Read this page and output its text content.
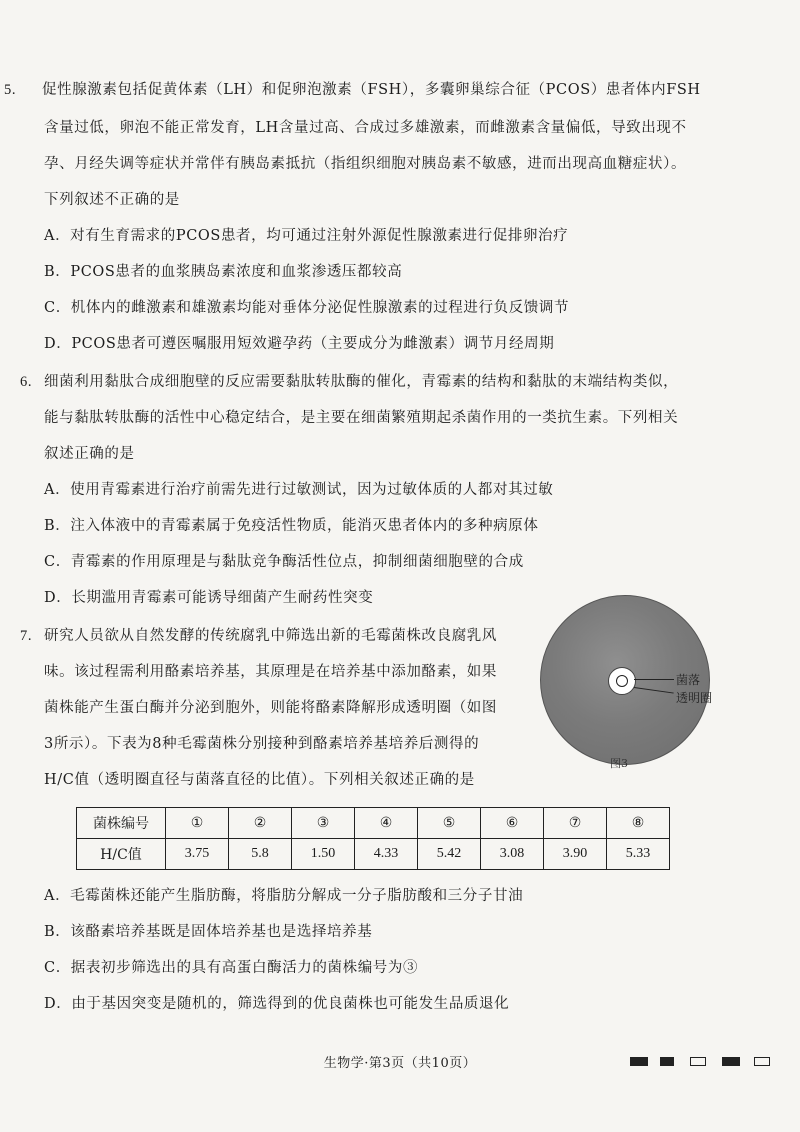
5. 促性腺激素包括促黄体素（LH）和促卵泡激素（FSH），多囊卵巢综合征（PCOS）患者体内FSH
含量过低，卵泡不能正常发育，LH含量过高、合成过多雄激素，而雌激素含量偏低，导致出现不
孕、月经失调等症状并常伴有胰岛素抵抗（指组织细胞对胰岛素不敏感，进而出现高血糖症状）。
下列叙述不正确的是
A．对有生育需求的PCOS患者，均可通过注射外源促性腺激素进行促排卵治疗
B．PCOS患者的血浆胰岛素浓度和血浆渗透压都较高
C．机体内的雌激素和雄激素均能对垂体分泌促性腺激素的过程进行负反馈调节
D．PCOS患者可遵医嘱服用短效避孕药（主要成分为雌激素）调节月经周期
6. 细菌利用黏肽合成细胞壁的反应需要黏肽转肽酶的催化，青霉素的结构和黏肽的末端结构类似，
能与黏肽转肽酶的活性中心稳定结合，是主要在细菌繁殖期起杀菌作用的一类抗生素。下列相关
叙述正确的是
A．使用青霉素进行治疗前需先进行过敏测试，因为过敏体质的人都对其过敏
B．注入体液中的青霉素属于免疫活性物质，能消灭患者体内的多种病原体
C．青霉素的作用原理是与黏肽竞争酶活性位点，抑制细菌细胞壁的合成
D．长期滥用青霉素可能诱导细菌产生耐药性突变
7. 研究人员欲从自然发酵的传统腐乳中筛选出新的毛霉菌株改良腐乳风
味。该过程需利用酪素培养基，其原理是在培养基中添加酪素，如果
菌株能产生蛋白酶并分泌到胞外，则能将酪素降解形成透明圈（如图
3所示）。下表为8种毛霉菌株分别接种到酪素培养基培养后测得的
H/C值（透明圈直径与菌落直径的比值）。下列相关叙述正确的是
菌落
透明圈
图3
菌株编号	①	②	③	④	⑤	⑥	⑦	⑧
H/C值	3.75	5.8	1.50	4.33	5.42	3.08	3.90	5.33
A．毛霉菌株还能产生脂肪酶，将脂肪分解成一分子脂肪酸和三分子甘油
B．该酪素培养基既是固体培养基也是选择培养基
C．据表初步筛选出的具有高蛋白酶活力的菌株编号为③
D．由于基因突变是随机的，筛选得到的优良菌株也可能发生品质退化
生物学·第3页（共10页）
